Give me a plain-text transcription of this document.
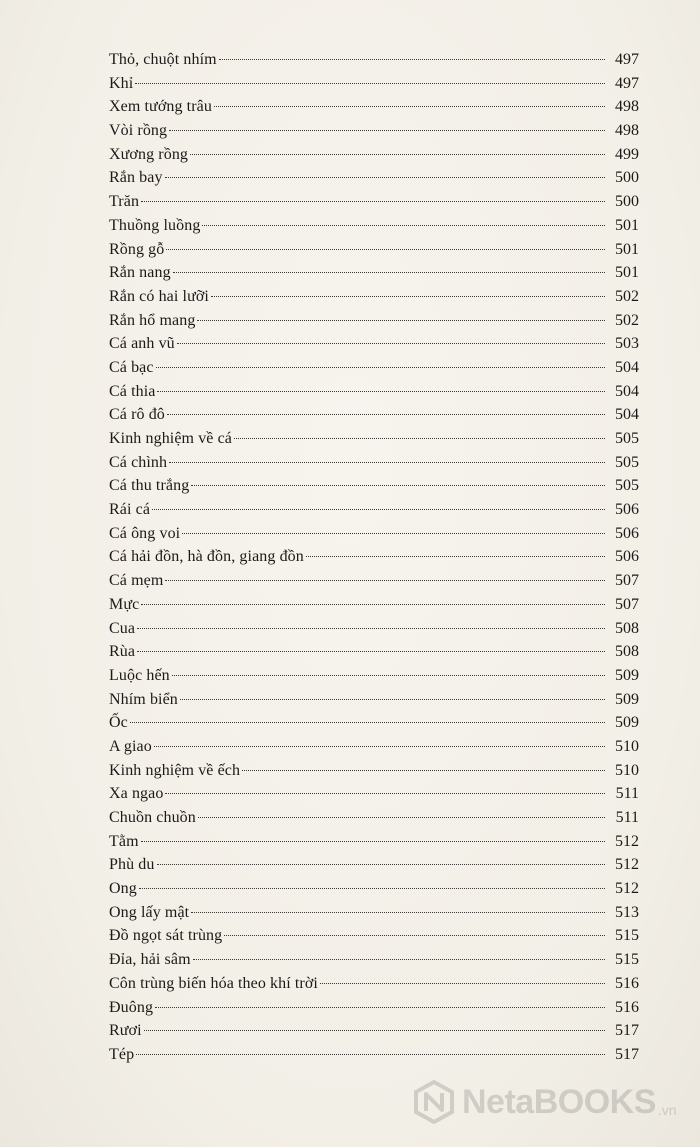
Thỏ, chuột nhím	497
Khỉ	497
Xem tướng trâu	498
Vòi rồng	498
Xương rồng	499
Rắn bay	500
Trăn	500
Thuồng luồng	501
Rồng gỗ	501
Rắn nang	501
Rắn có hai lưỡi	502
Rắn hổ mang	502
Cá anh vũ	503
Cá bạc	504
Cá thia	504
Cá rô đô	504
Kinh nghiệm về cá	505
Cá chình	505
Cá thu trắng	505
Rái cá	506
Cá ông voi	506
Cá hải đồn, hà đồn, giang đồn	506
Cá mẹm	507
Mực	507
Cua	508
Rùa	508
Luộc hến	509
Nhím biển	509
Ốc	509
A giao	510
Kinh nghiệm về ếch	510
Xa ngao	511
Chuồn chuồn	511
Tằm	512
Phù du	512
Ong	512
Ong lấy mật	513
Đồ ngọt sát trùng	515
Đỉa, hải sâm	515
Côn trùng biến hóa theo khí trời	516
Đuông	516
Rươi	517
Tép	517
NetaBOOKS .vn
